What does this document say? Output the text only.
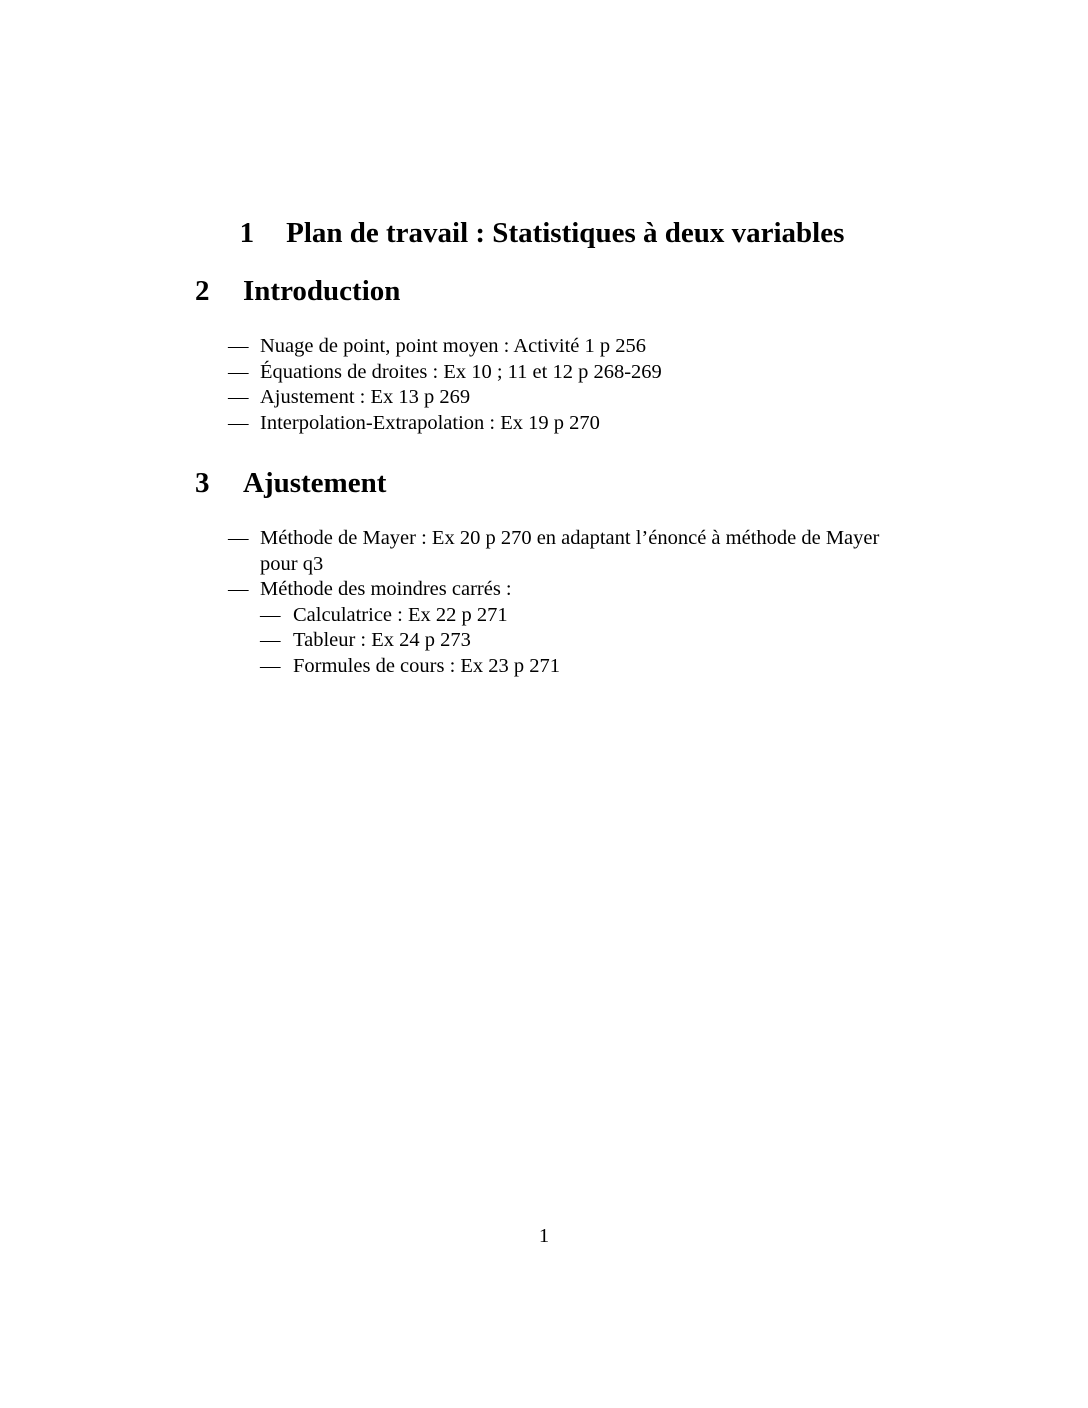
1 Plan de travail : Statistiques à deux variables
2	Introduction
— Nuage de point, point moyen : Activité 1 p 256
— Équations de droites : Ex 10 ; 11 et 12 p 268-269
— Ajustement : Ex 13 p 269
— Interpolation-Extrapolation : Ex 19 p 270
3	Ajustement
— Méthode de Mayer : Ex 20 p 270 en adaptant l’énoncé à méthode de Mayer pour q3
— Méthode des moindres carrés :
— Calculatrice : Ex 22 p 271
— Tableur : Ex 24 p 273
— Formules de cours : Ex 23 p 271
1
